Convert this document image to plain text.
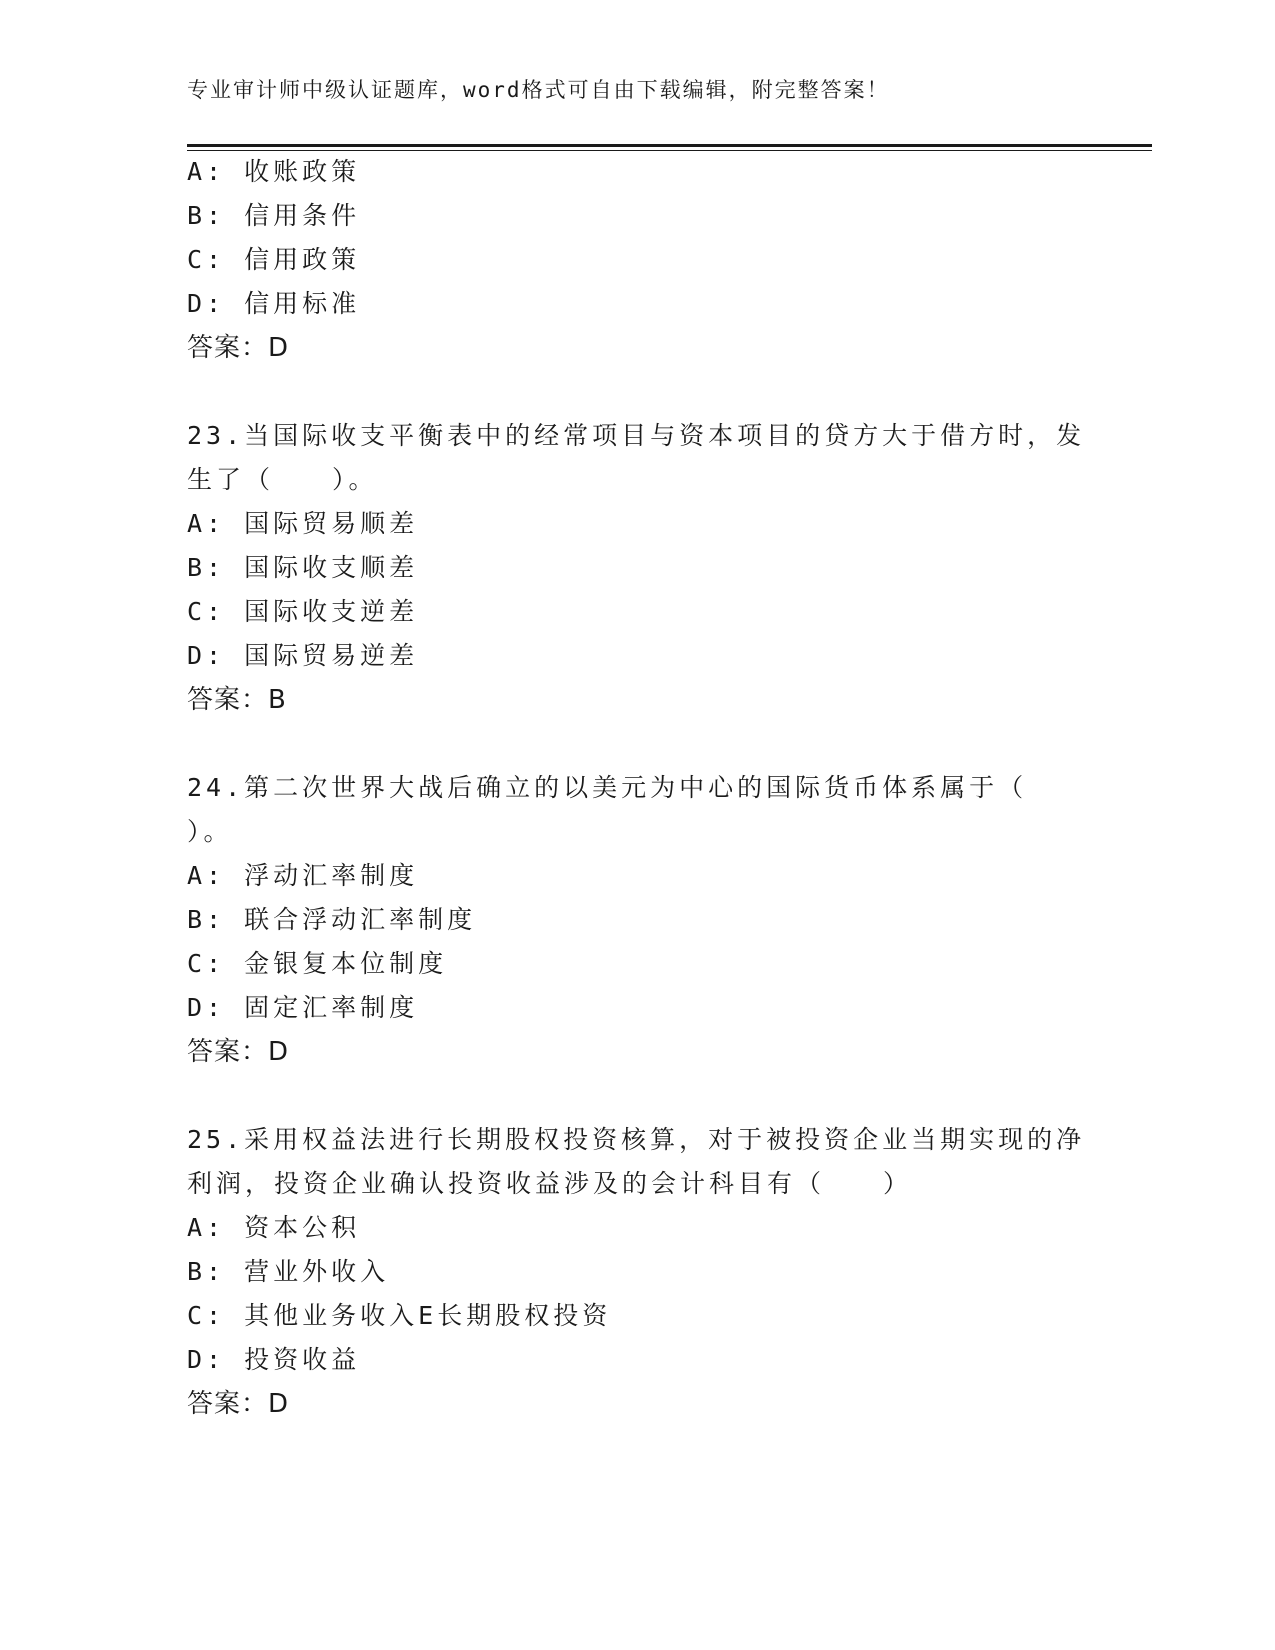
专业审计师中级认证题库，word格式可自由下载编辑，附完整答案！
A: 收账政策
B: 信用条件
C: 信用政策
D: 信用标准
答案：D
23.当国际收支平衡表中的经常项目与资本项目的贷方大于借方时，发
生了（　　）。
A: 国际贸易顺差
B: 国际收支顺差
C: 国际收支逆差
D: 国际贸易逆差
答案：B
24.第二次世界大战后确立的以美元为中心的国际货币体系属于（
）。
A: 浮动汇率制度
B: 联合浮动汇率制度
C: 金银复本位制度
D: 固定汇率制度
答案：D
25.采用权益法进行长期股权投资核算，对于被投资企业当期实现的净
利润，投资企业确认投资收益涉及的会计科目有（　　）
A: 资本公积
B: 营业外收入
C: 其他业务收入E长期股权投资
D: 投资收益
答案：D
